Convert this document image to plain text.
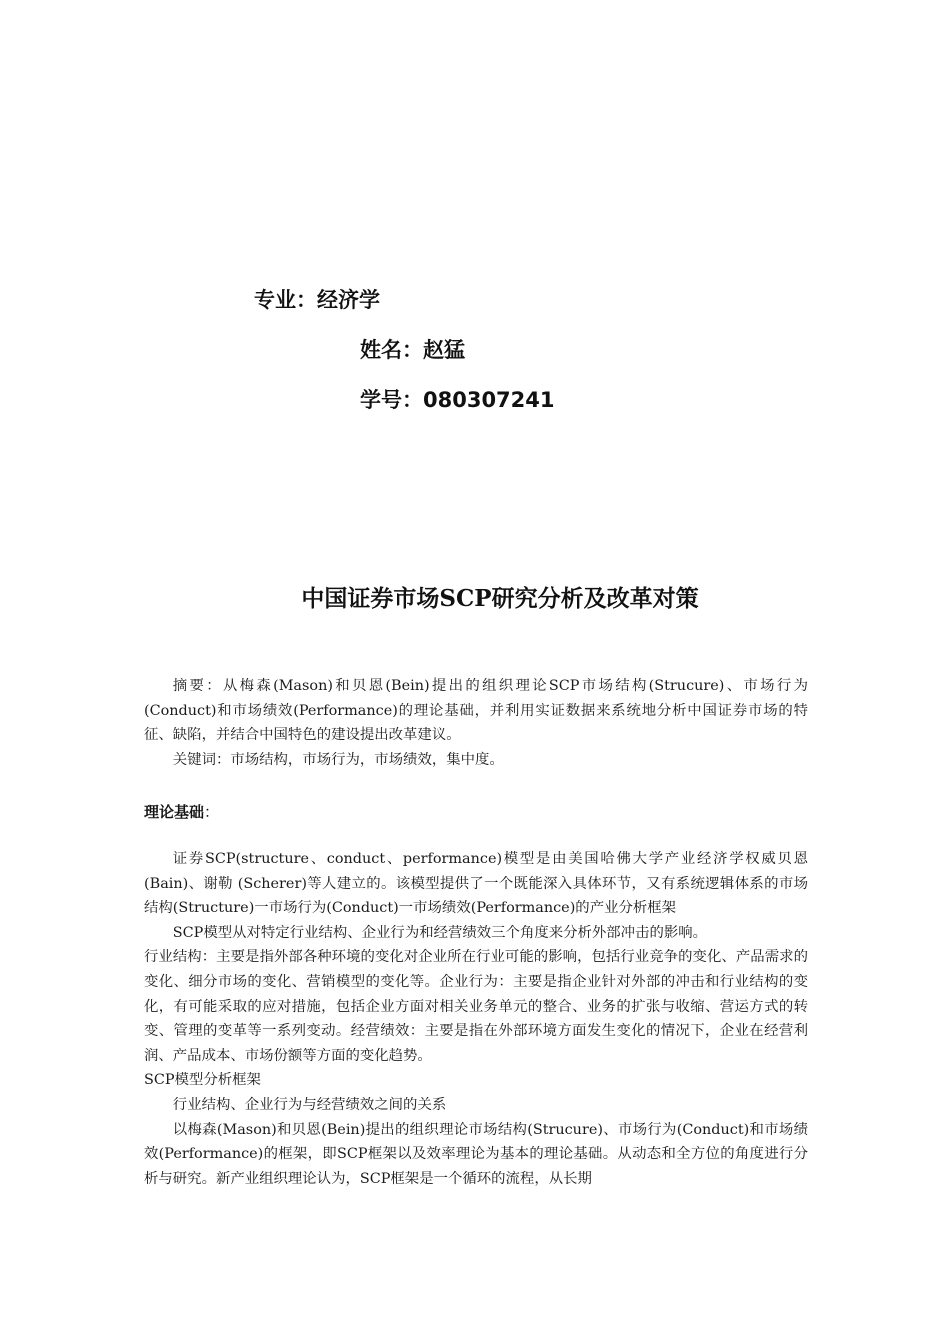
专业：经济学
姓名：赵猛
学号：080307241
中国证券市场SCP研究分析及改革对策

摘要：从梅森(Mason)和贝恩(Bein)提出的组织理论SCP市场结构(Strucure)、市场行为(Conduct)和市场绩效(Performance)的理论基础，并利用实证数据来系统地分析中国证券市场的特征、缺陷，并结合中国特色的建设提出改革建议。

关键词：市场结构，市场行为，市场绩效，集中度。

理论基础：

证券SCP(structure、conduct、performance)模型是由美国哈佛大学产业经济学权威贝恩(Bain)、谢勒 (Scherer)等人建立的。该模型提供了一个既能深入具体环节，又有系统逻辑体系的市场结构(Structure)一市场行为(Conduct)一市场绩效(Performance)的产业分析框架

SCP模型从对特定行业结构、企业行为和经营绩效三个角度来分析外部冲击的影响。

行业结构：主要是指外部各种环境的变化对企业所在行业可能的影响，包括行业竞争的变化、产品需求的变化、细分市场的变化、营销模型的变化等。企业行为：主要是指企业针对外部的冲击和行业结构的变化，有可能采取的应对措施，包括企业方面对相关业务单元的整合、业务的扩张与收缩、营运方式的转变、管理的变革等一系列变动。经营绩效：主要是指在外部环境方面发生变化的情况下，企业在经营利润、产品成本、市场份额等方面的变化趋势。

SCP模型分析框架

行业结构、企业行为与经营绩效之间的关系

以梅森(Mason)和贝恩(Bein)提出的组织理论市场结构(Strucure)、市场行为(Conduct)和市场绩效(Performance)的框架，即SCP框架以及效率理论为基本的理论基础。从动态和全方位的角度进行分析与研究。新产业组织理论认为，SCP框架是一个循环的流程，从长期
